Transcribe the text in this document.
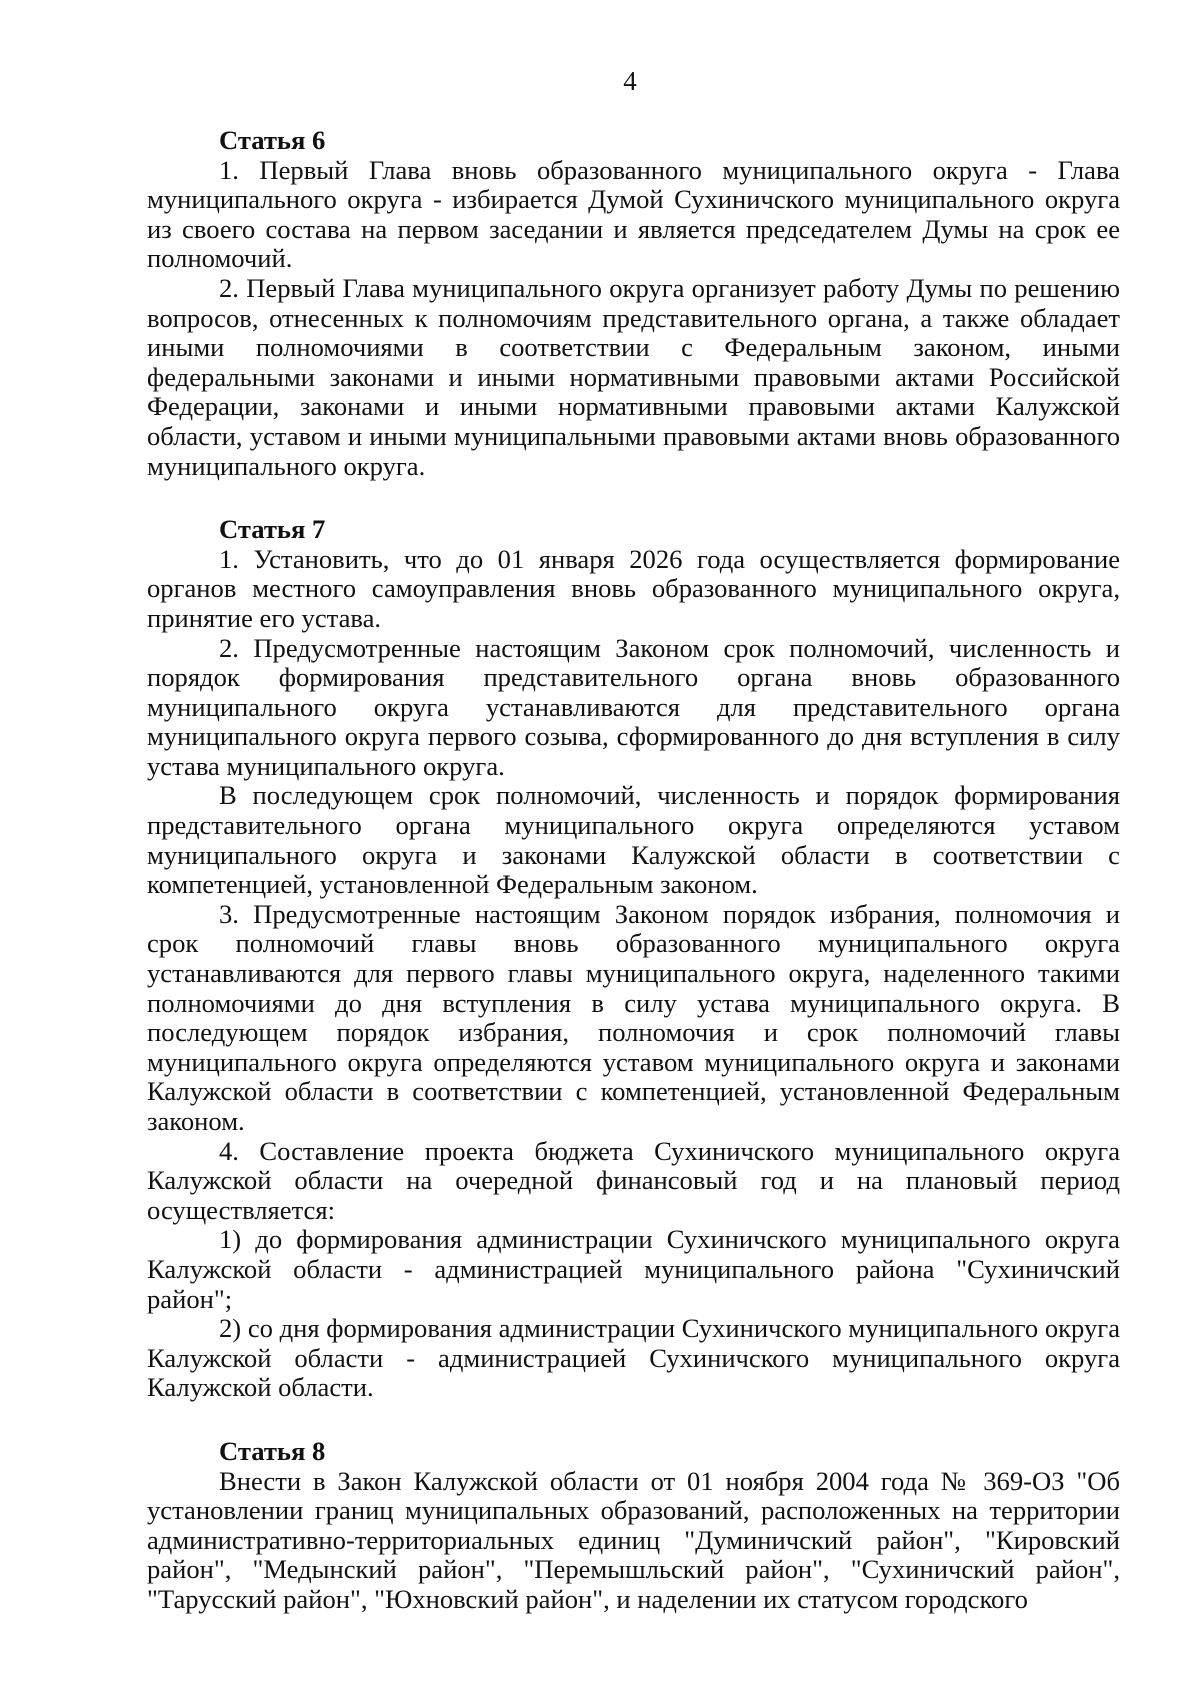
4

Статья 6

1. Первый Глава вновь образованного муниципального округа - Глава муниципального округа - избирается Думой Сухиничского муниципального округа из своего состава на первом заседании и является председателем Думы на срок ее полномочий.

2. Первый Глава муниципального округа организует работу Думы по решению вопросов, отнесенных к полномочиям представительного органа, а также обладает иными полномочиями в соответствии с Федеральным законом, иными федеральными законами и иными нормативными правовыми актами Российской Федерации, законами и иными нормативными правовыми актами Калужской области, уставом и иными муниципальными правовыми актами вновь образованного муниципального округа.

Статья 7

1. Установить, что до 01 января 2026 года осуществляется формирование органов местного самоуправления вновь образованного муниципального округа, принятие его устава.

2. Предусмотренные настоящим Законом срок полномочий, численность и порядок формирования представительного органа вновь образованного муниципального округа устанавливаются для представительного органа муниципального округа первого созыва, сформированного до дня вступления в силу устава муниципального округа.

В последующем срок полномочий, численность и порядок формирования представительного органа муниципального округа определяются уставом муниципального округа и законами Калужской области в соответствии с компетенцией, установленной Федеральным законом.

3. Предусмотренные настоящим Законом порядок избрания, полномочия и срок полномочий главы вновь образованного муниципального округа устанавливаются для первого главы муниципального округа, наделенного такими полномочиями до дня вступления в силу устава муниципального округа. В последующем порядок избрания, полномочия и срок полномочий главы муниципального округа определяются уставом муниципального округа и законами Калужской области в соответствии с компетенцией, установленной Федеральным законом.

4. Составление проекта бюджета Сухиничского муниципального округа Калужской области на очередной финансовый год и на плановый период осуществляется:

1) до формирования администрации Сухиничского муниципального округа Калужской области - администрацией муниципального района "Сухиничский район";

2) со дня формирования администрации Сухиничского муниципального округа Калужской области - администрацией Сухиничского муниципального округа Калужской области.

Статья 8

Внести в Закон Калужской области от 01 ноября 2004 года № 369-ОЗ "Об установлении границ муниципальных образований, расположенных на территории административно-территориальных единиц "Думиничский район", "Кировский район", "Медынский район", "Перемышльский район", "Сухиничский район", "Тарусский район", "Юхновский район", и наделении их статусом городского
